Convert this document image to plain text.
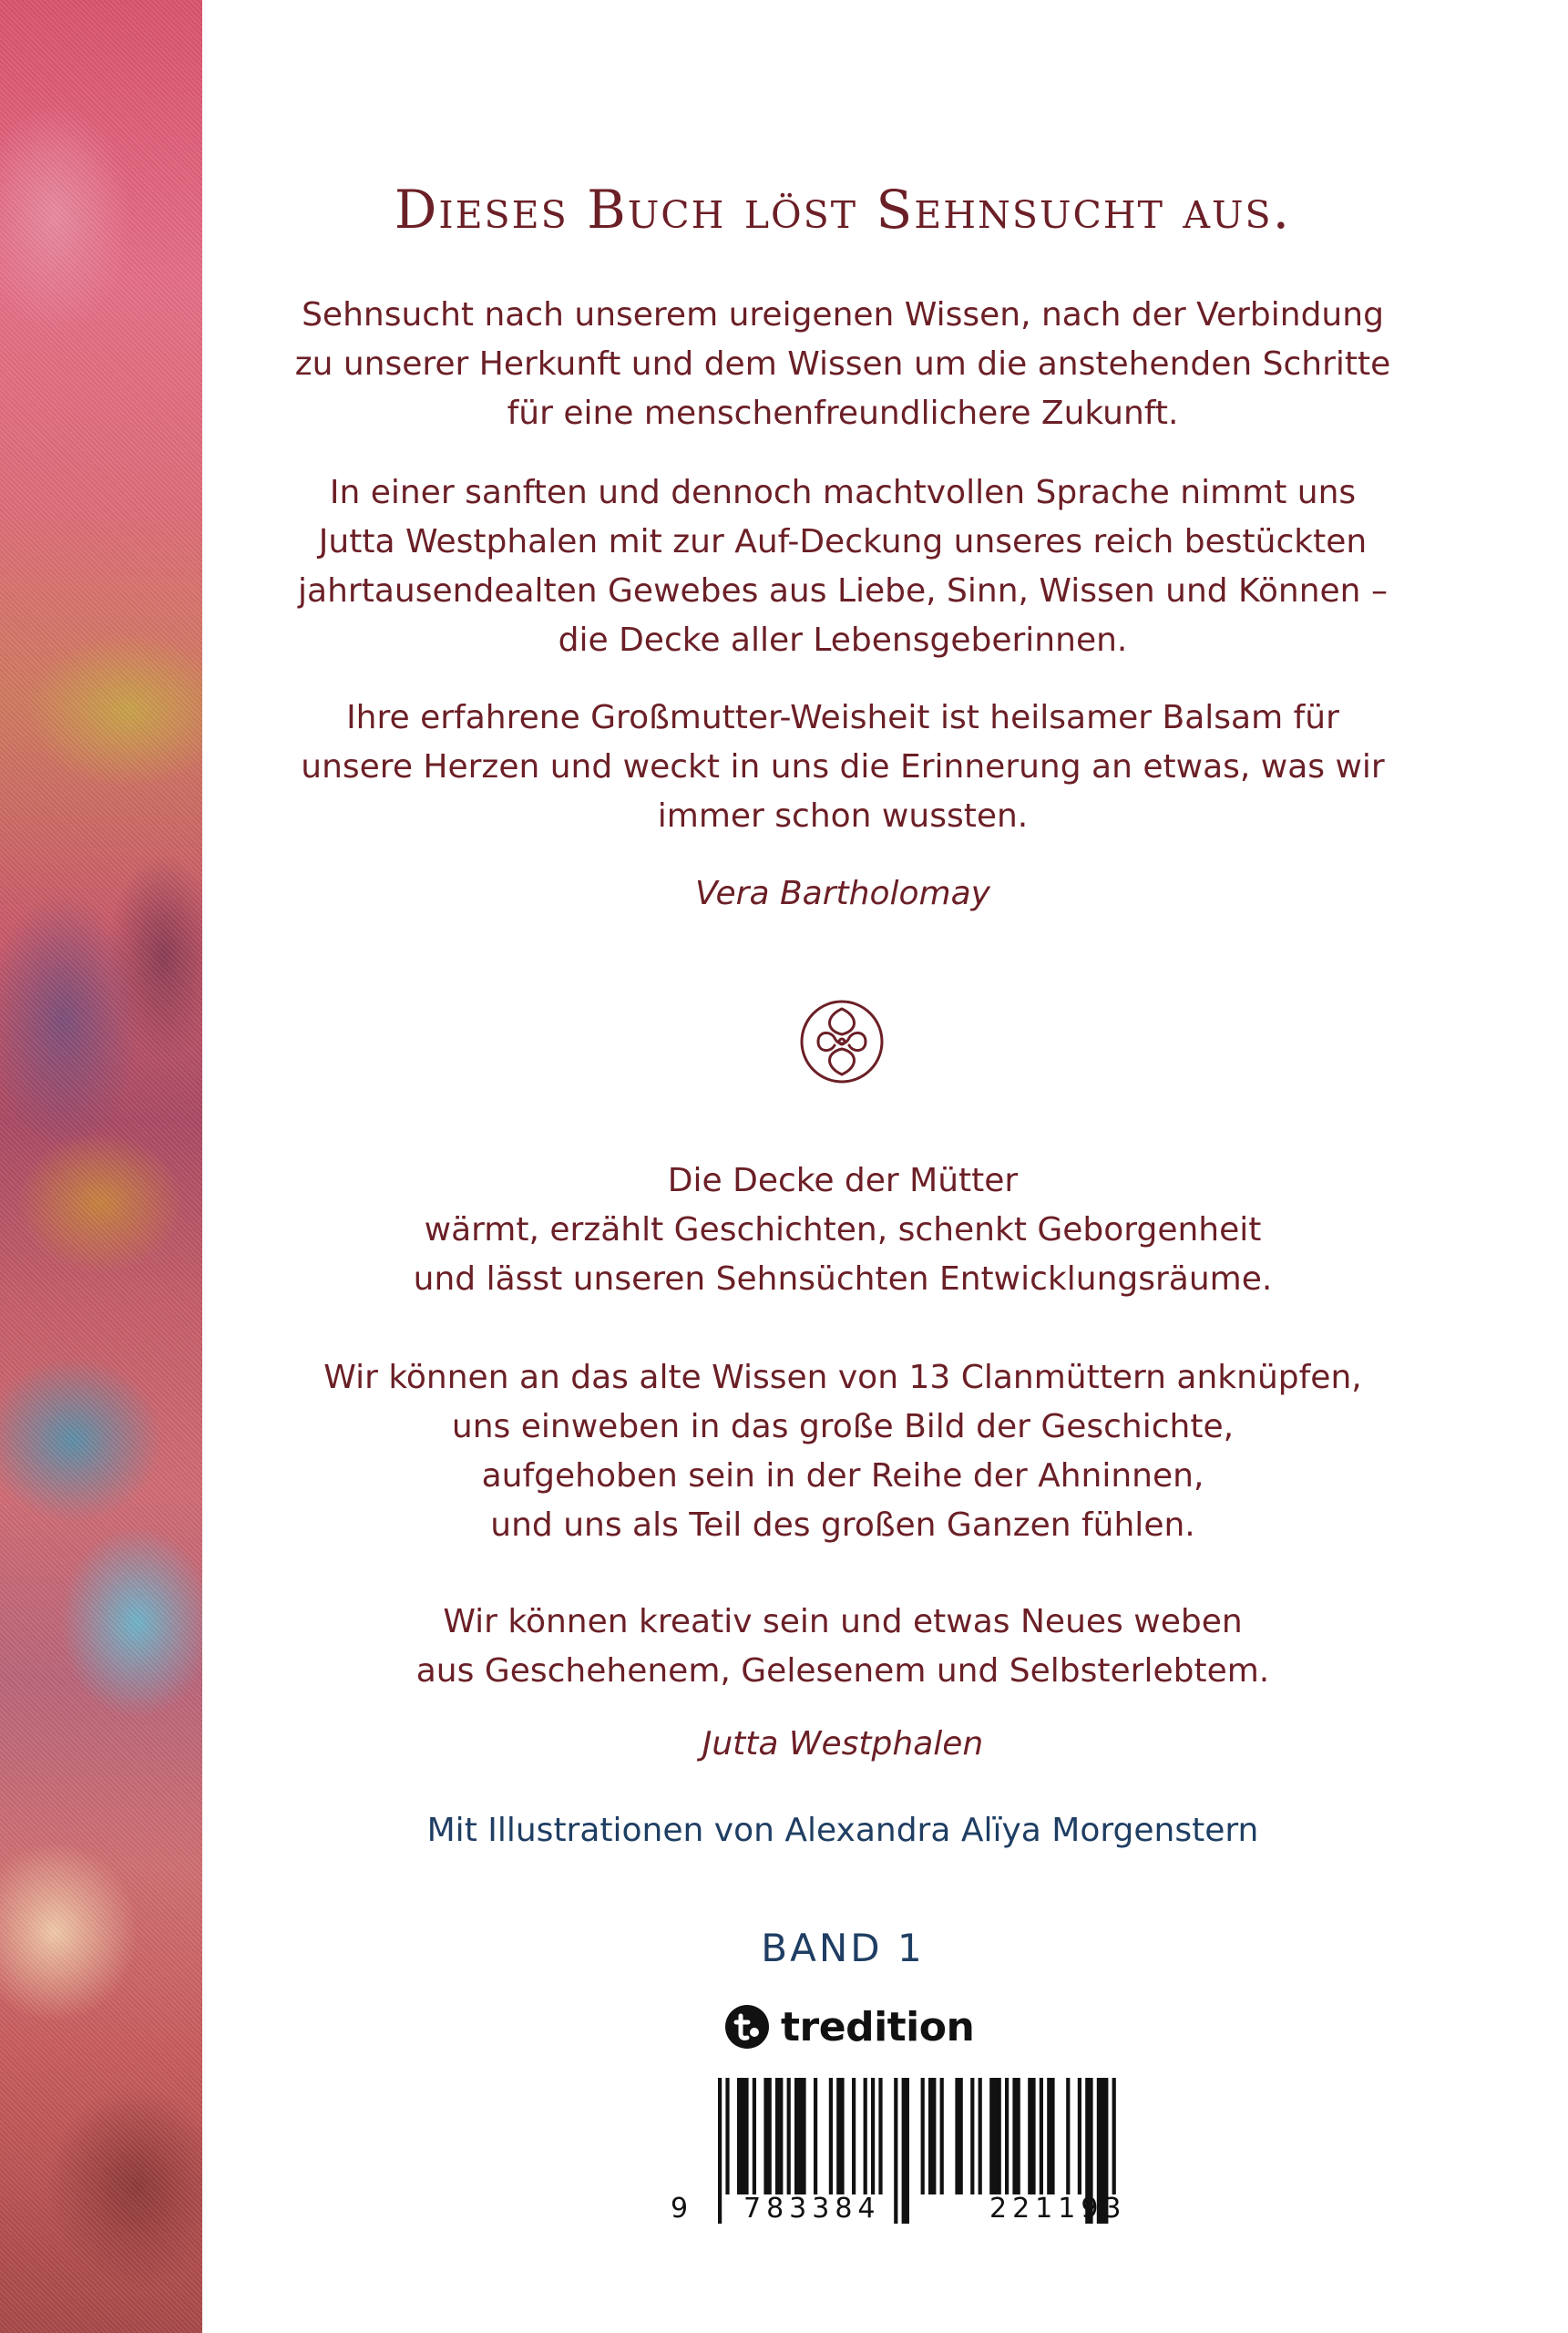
Dieses Buch löst Sehnsucht aus.

Sehnsucht nach unserem ureigenen Wissen, nach der Verbindung
zu unserer Herkunft und dem Wissen um die anstehenden Schritte
für eine menschenfreundlichere Zukunft.

In einer sanften und dennoch machtvollen Sprache nimmt uns
Jutta Westphalen mit zur Auf-Deckung unseres reich bestückten
jahrtausendealten Gewebes aus Liebe, Sinn, Wissen und Können –
die Decke aller Lebensgeberinnen.

Ihre erfahrene Großmutter-Weisheit ist heilsamer Balsam für
unsere Herzen und weckt in uns die Erinnerung an etwas, was wir
immer schon wussten.

Vera Bartholomay

Die Decke der Mütter
wärmt, erzählt Geschichten, schenkt Geborgenheit
und lässt unseren Sehnsüchten Entwicklungsräume.

Wir können an das alte Wissen von 13 Clanmüttern anknüpfen,
uns einweben in das große Bild der Geschichte,
aufgehoben sein in der Reihe der Ahninnen,
und uns als Teil des großen Ganzen fühlen.

Wir können kreativ sein und etwas Neues weben
aus Geschehenem, Gelesenem und Selbsterlebtem.

Jutta Westphalen

Mit Illustrationen von Alexandra Alïya Morgenstern

BAND 1

tredition
9 783384	221193
